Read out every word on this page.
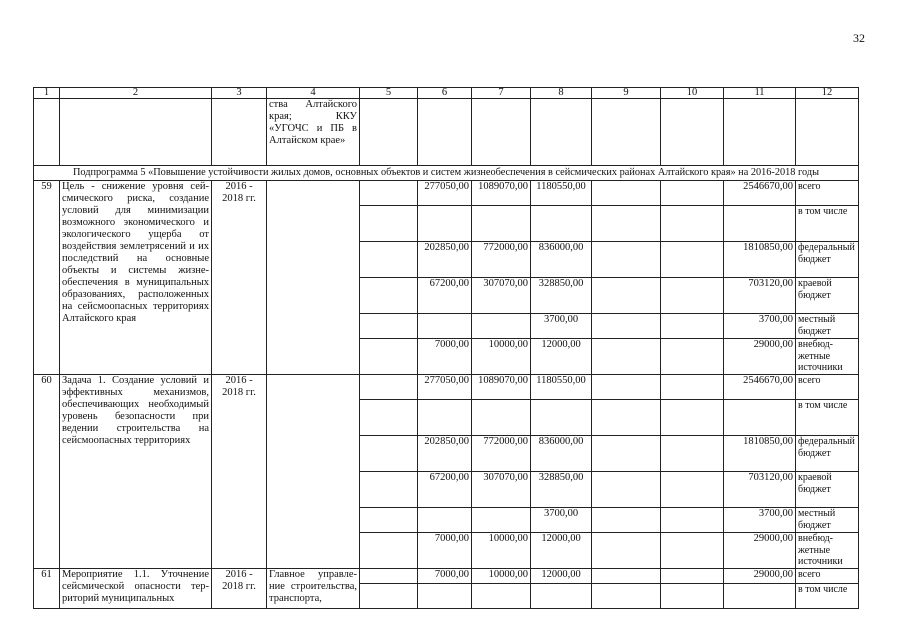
32
1	2	3	4	5	6	7	8	9	10	11	12
			ства Алтайского края; ККУ «УГОЧС и ПБ в Алтайском крае»								
Подпрограмма 5 «Повышение устойчивости жилых домов, основных объектов и систем жизнеобеспечения в сейсмических районах Алтайского края» на 2016-2018 годы											
59	Цель - снижение уровня сейсмического риска, создание условий для минимизации возможного экономического и экологического ущерба от воздействия землетрясений и их последствий на основные объекты и системы жизнеобеспечения в муниципальных образованиях, расположенных на сейсмоопасных территориях Алтайского края	2016 - 2018 гг.			277050,00	1089070,00	1180550,00			2546670,00	всего
											в том числе
					202850,00	772000,00	836000,00			1810850,00	федеральный бюджет
					67200,00	307070,00	328850,00			703120,00	краевой бюджет
							3700,00			3700,00	местный бюджет
					7000,00	10000,00	12000,00			29000,00	внебюджетные источники
60	Задача 1. Создание условий и эффективных механизмов, обеспечивающих необходимый уровень безопасности при ведении строительства на сейсмоопасных территориях	2016 - 2018 гг.			277050,00	1089070,00	1180550,00			2546670,00	всего
											в том числе
					202850,00	772000,00	836000,00			1810850,00	федеральный бюджет
					67200,00	307070,00	328850,00			703120,00	краевой бюджет
							3700,00			3700,00	местный бюджет
					7000,00	10000,00	12000,00			29000,00	внебюджетные источники
61	Мероприятие 1.1. Уточнение сейсмической опасности территорий муниципальных	2016 - 2018 гг.	Главное управление строительства, транспорта,		7000,00	10000,00	12000,00			29000,00	всего
											в том числе
